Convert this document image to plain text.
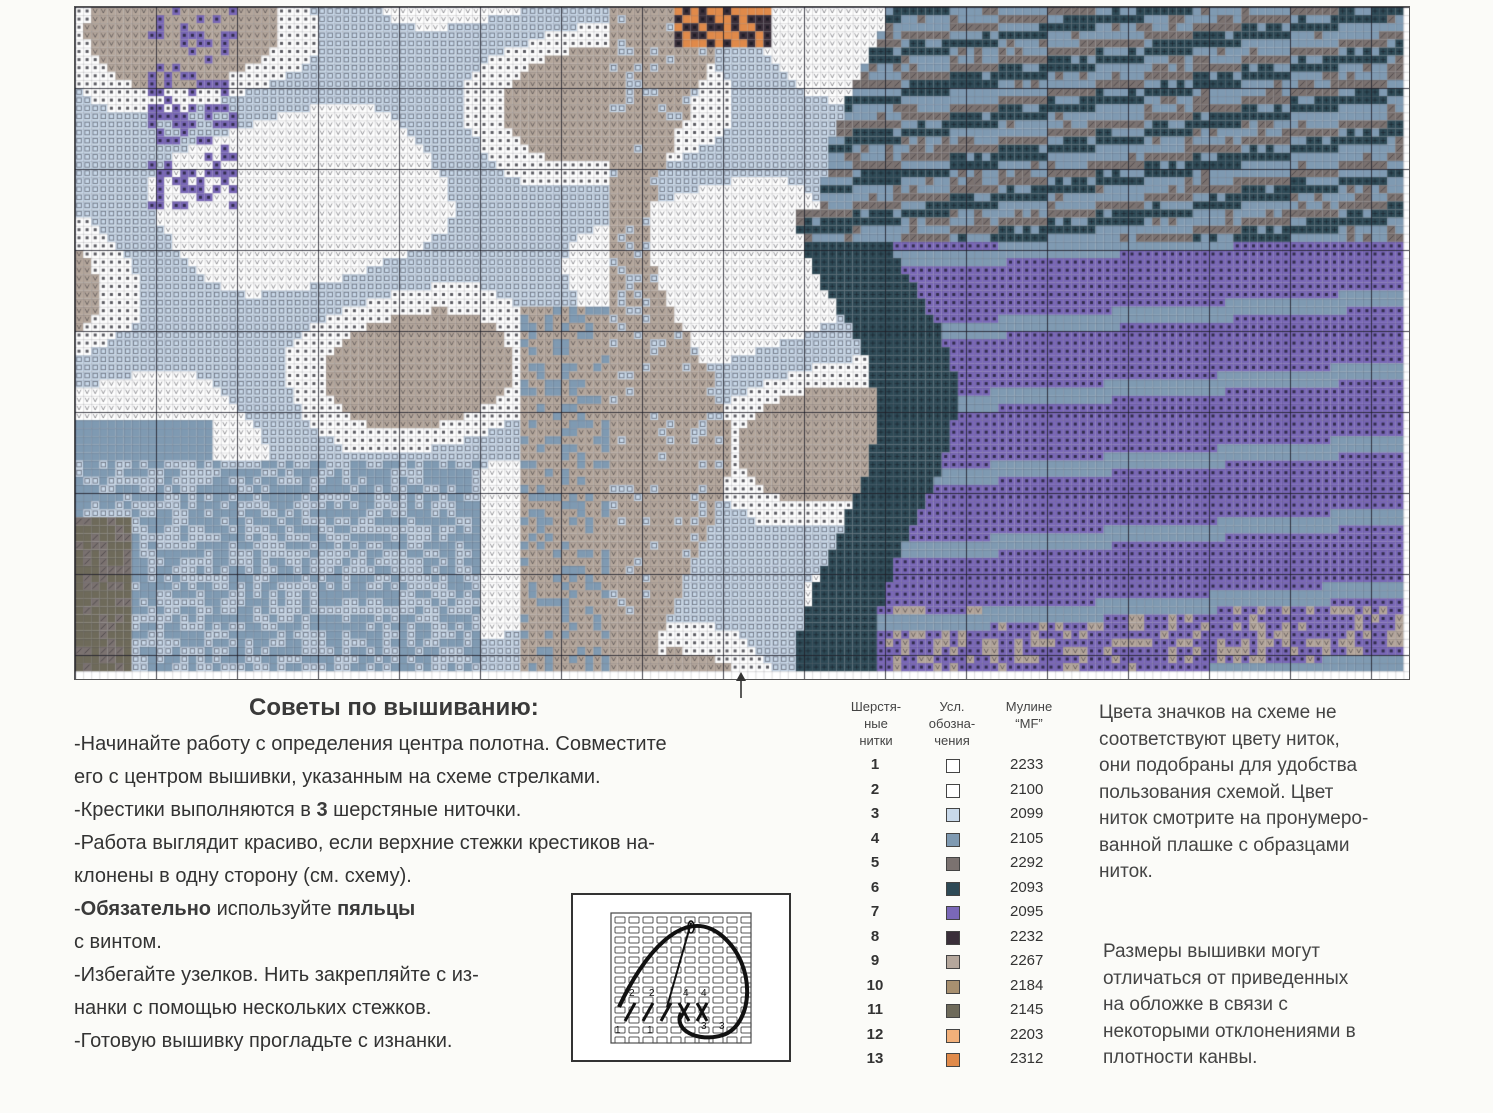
Советы по вышиванию:
-Начинайте работу с определения центра полотна. Совместите
его с центром вышивки, указанным на схеме стрелками.
-Крестики выполняются в 3 шерстяные ниточки.
-Работа выглядит красиво, если верхние стежки крестиков на-
клонены в одну сторону (см. схему).
-Обязательно используйте пяльцы
с винтом.
-Избегайте узелков. Нить закрепляйте с из-
нанки с помощью нескольких стежков.
-Готовую вышивку прогладьте с изнанки.
2 2	4 4
1	1	3 3
Шерстя-
ные
нитки
Усл.
обозна-
чения
Мулине
“MF”
1	2233
2	2100
3	2099
4	2105
5	2292
6	2093
7	2095
8	2232
9	2267
10	2184
11	2145
12	2203
13	2312
Цвета значков на схеме не
соответствуют цвету ниток,
они подобраны для удобства
пользования схемой. Цвет
ниток смотрите на пронумеро-
ванной плашке с образцами
ниток.
Размеры вышивки могут
отличаться от приведенных
на обложке в связи с
некоторыми отклонениями в
плотности канвы.
